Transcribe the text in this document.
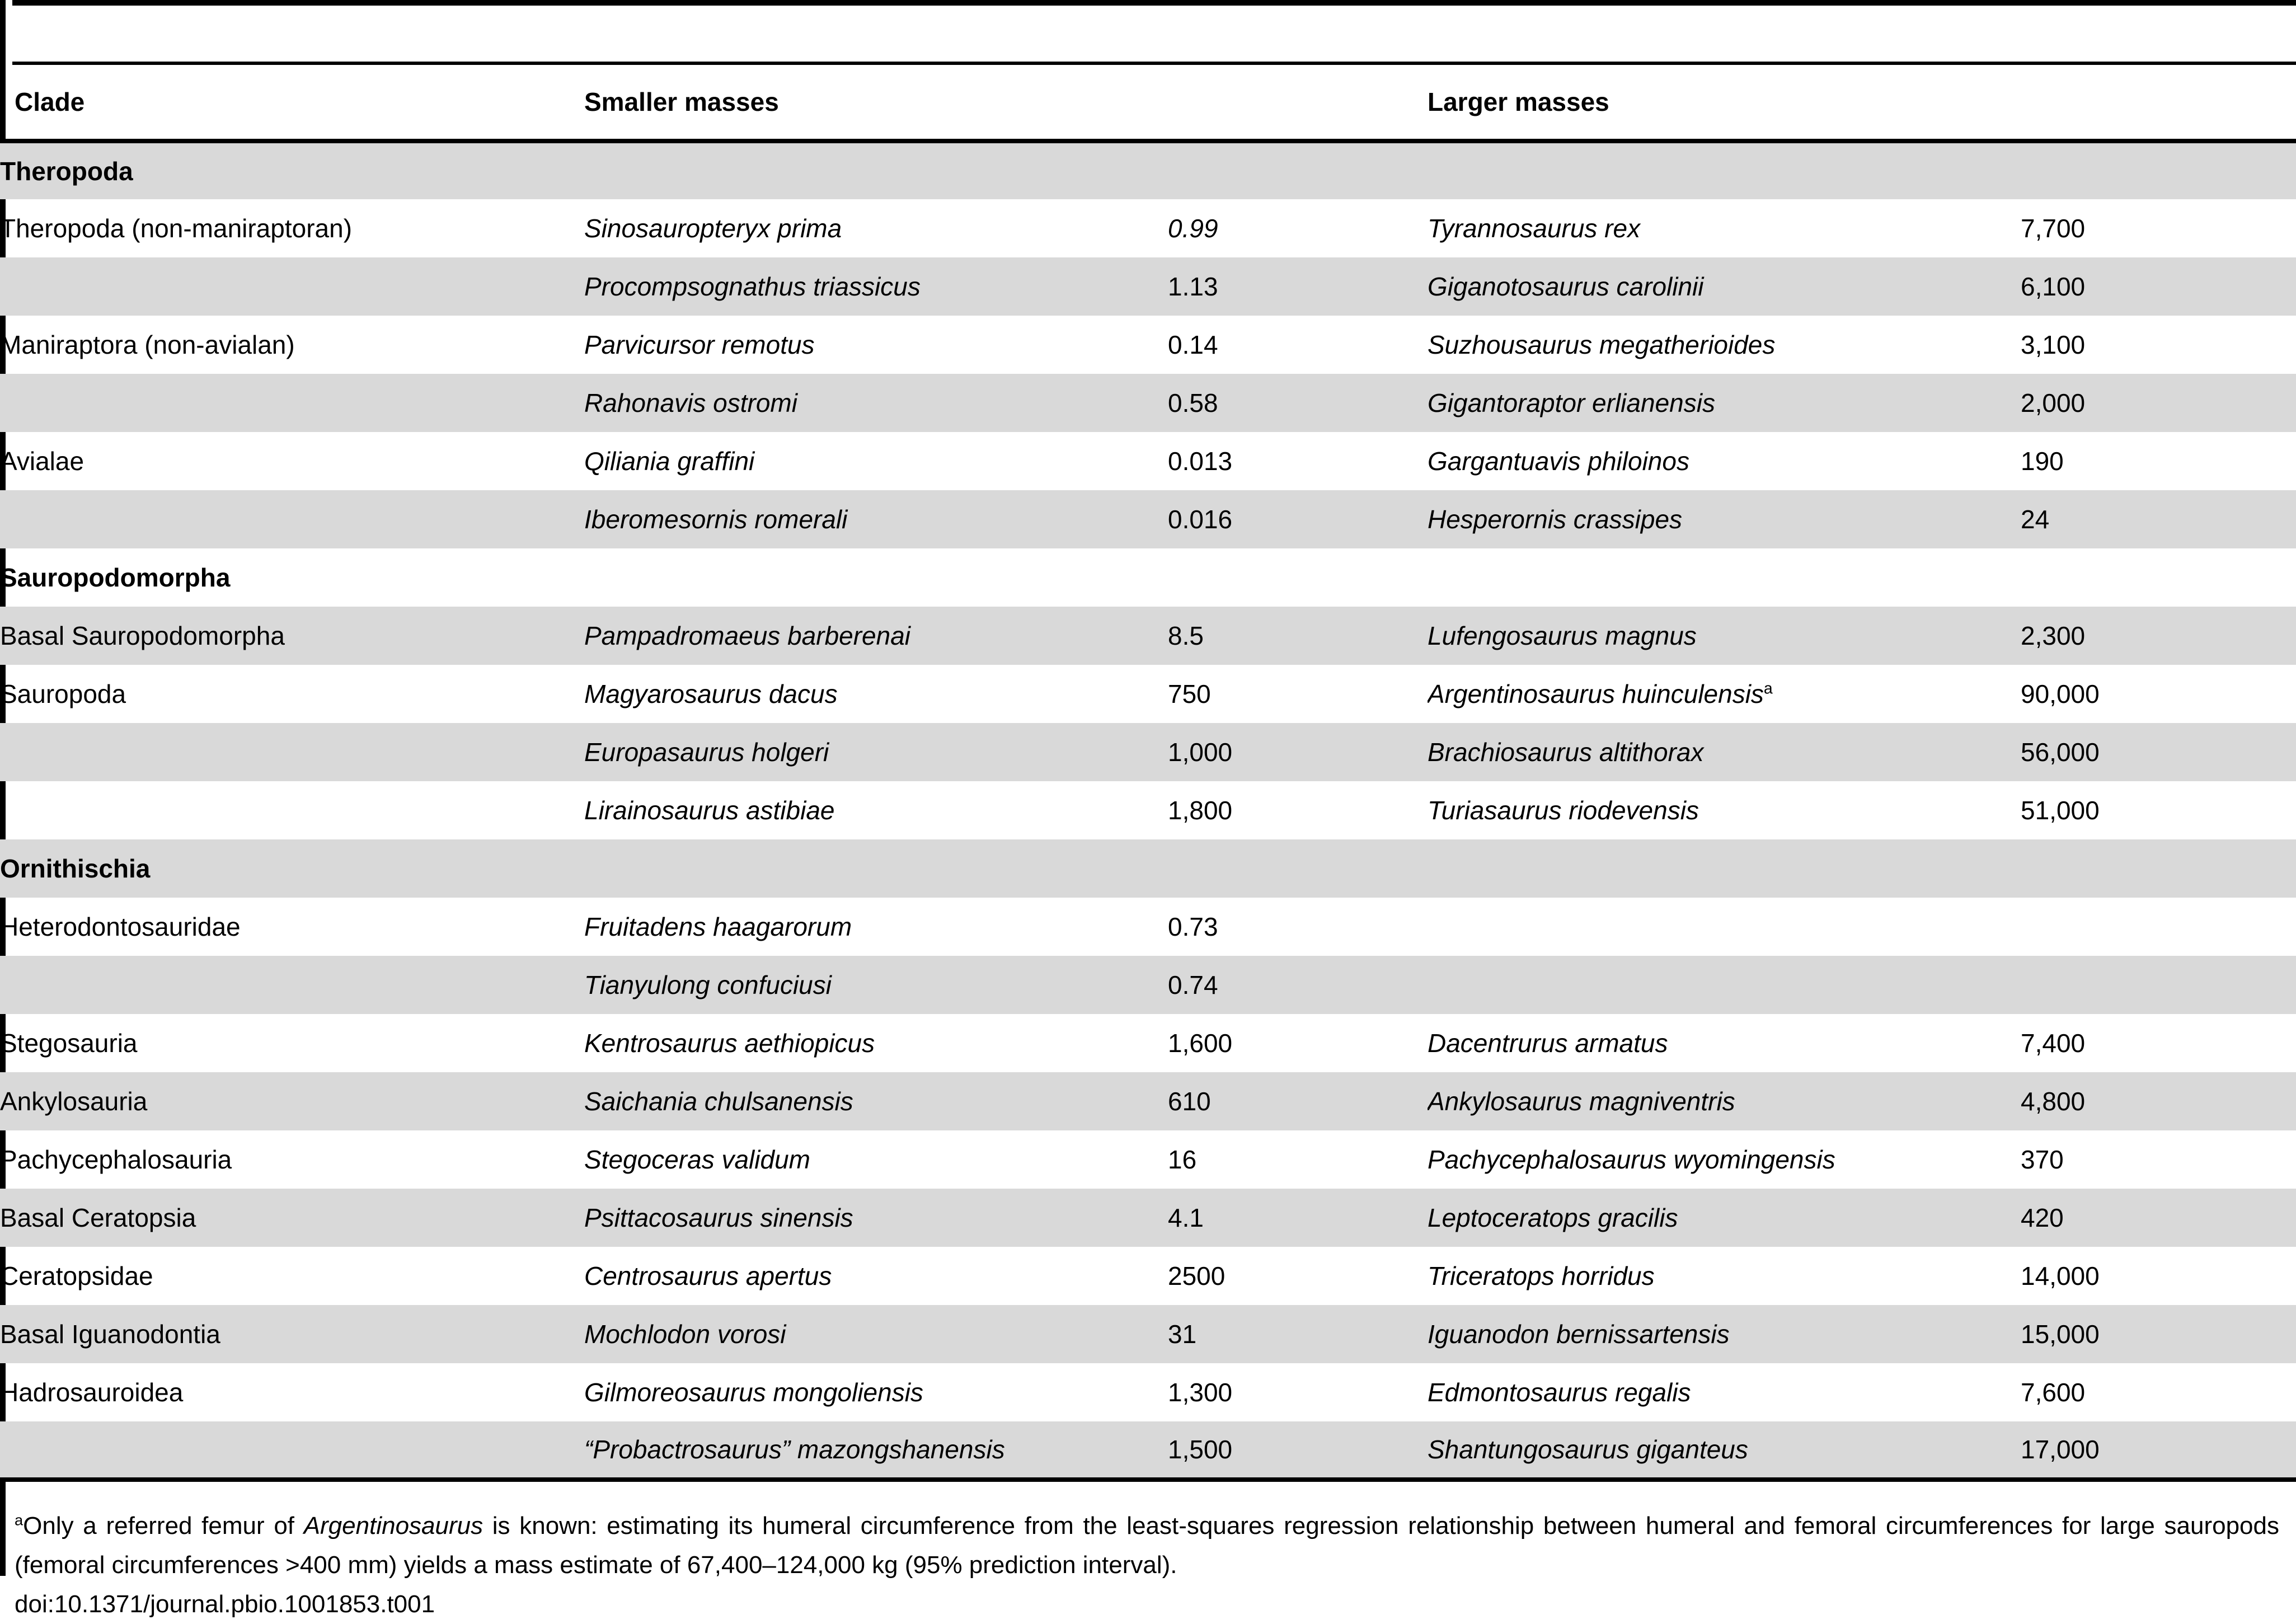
Clade	Smaller masses		Larger masses	
Theropoda				
Theropoda (non-maniraptoran)	Sinosauropteryx prima	0.99	Tyrannosaurus rex	7,700
	Procompsognathus triassicus	1.13	Giganotosaurus carolinii	6,100
Maniraptora (non-avialan)	Parvicursor remotus	0.14	Suzhousaurus megatherioides	3,100
	Rahonavis ostromi	0.58	Gigantoraptor erlianensis	2,000
Avialae	Qiliania graffini	0.013	Gargantuavis philoinos	190
	Iberomesornis romerali	0.016	Hesperornis crassipes	24
Sauropodomorpha				
Basal Sauropodomorpha	Pampadromaeus barberenai	8.5	Lufengosaurus magnus	2,300
Sauropoda	Magyarosaurus dacus	750	Argentinosaurus huinculensis$^a$	90,000
	Europasaurus holgeri	1,000	Brachiosaurus altithorax	56,000
	Lirainosaurus astibiae	1,800	Turiasaurus riodevensis	51,000
Ornithischia				
Heterodontosauridae	Fruitadens haagarorum	0.73		
	Tianyulong confuciusi	0.74		
Stegosauria	Kentrosaurus aethiopicus	1,600	Dacentrurus armatus	7,400
Ankylosauria	Saichania chulsanensis	610	Ankylosaurus magniventris	4,800
Pachycephalosauria	Stegoceras validum	16	Pachycephalosaurus wyomingensis	370
Basal Ceratopsia	Psittacosaurus sinensis	4.1	Leptoceratops gracilis	420
Ceratopsidae	Centrosaurus apertus	2500	Triceratops horridus	14,000
Basal Iguanodontia	Mochlodon vorosi	31	Iguanodon bernissartensis	15,000
Hadrosauroidea	Gilmoreosaurus mongoliensis	1,300	Edmontosaurus regalis	7,600
	“Probactrosaurus” mazongshanensis	1,500	Shantungosaurus giganteus	17,000

$^a$Only a referred femur of Argentinosaurus is known: estimating its humeral circumference from the least-squares regression relationship between humeral and femoral circumferences for large sauropods (femoral circumferences >400 mm) yields a mass estimate of 67,400–124,000 kg (95% prediction interval).

doi:10.1371/journal.pbio.1001853.t001
